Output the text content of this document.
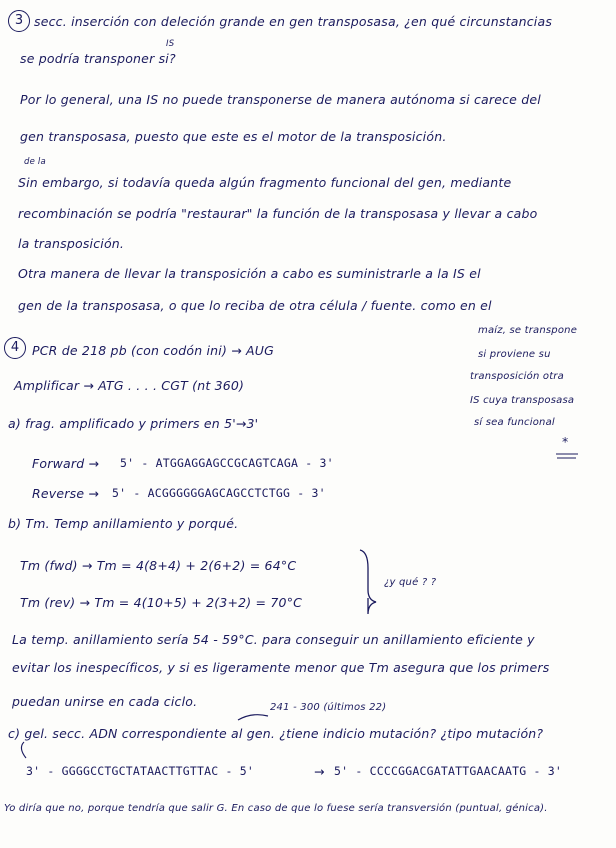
3 secc. inserción con deleción grande en gen transposasa, ¿en qué circunstancias
IS
se podría transponer si?
Por lo general, una IS no puede transponerse de manera autónoma si carece del
gen transposasa, puesto que este es el motor de la transposición.
de la
Sin embargo, si todavía queda algún fragmento funcional del gen, mediante
recombinación se podría "restaurar" la función de la transposasa y llevar a cabo
la transposición.
Otra manera de llevar la transposición a cabo es suministrarle a la IS el
gen de la transposasa, o que lo reciba de otra célula / fuente. como en el
maíz, se transpone
si proviene su
transposición otra
IS cuya transposasa
sí sea funcional
*
4	PCR de 218 pb (con codón ini) → AUG
Amplificar → ATG . . . . CGT (nt 360)
a) frag. amplificado y primers en 5'→3'
Forward → 5' - ATGGAGGAGCCGCAGTCAGA - 3'
Reverse → 5' - ACGGGGGGAGCAGCCTCTGG - 3'
b) Tm. Temp anillamiento y porqué.
Tm (fwd) → Tm = 4(8+4) + 2(6+2) = 64°C
Tm (rev) → Tm = 4(10+5) + 2(3+2) = 70°C
¿y qué ? ?
La temp. anillamiento sería 54 - 59°C. para conseguir un anillamiento eficiente y
evitar los inespecíficos, y si es ligeramente menor que Tm asegura que los primers
puedan unirse en cada ciclo.	241 - 300 (últimos 22)
c) gel. secc. ADN correspondiente al gen. ¿tiene indicio mutación? ¿tipo mutación?
3' - GGGGCCTGCTATAACTTGTTAC - 5'	→ 5' - CCCCGGACGATATTGAACAATG - 3'
Yo diría que no, porque tendría que salir G. En caso de que lo fuese sería transversión (puntual, génica).
